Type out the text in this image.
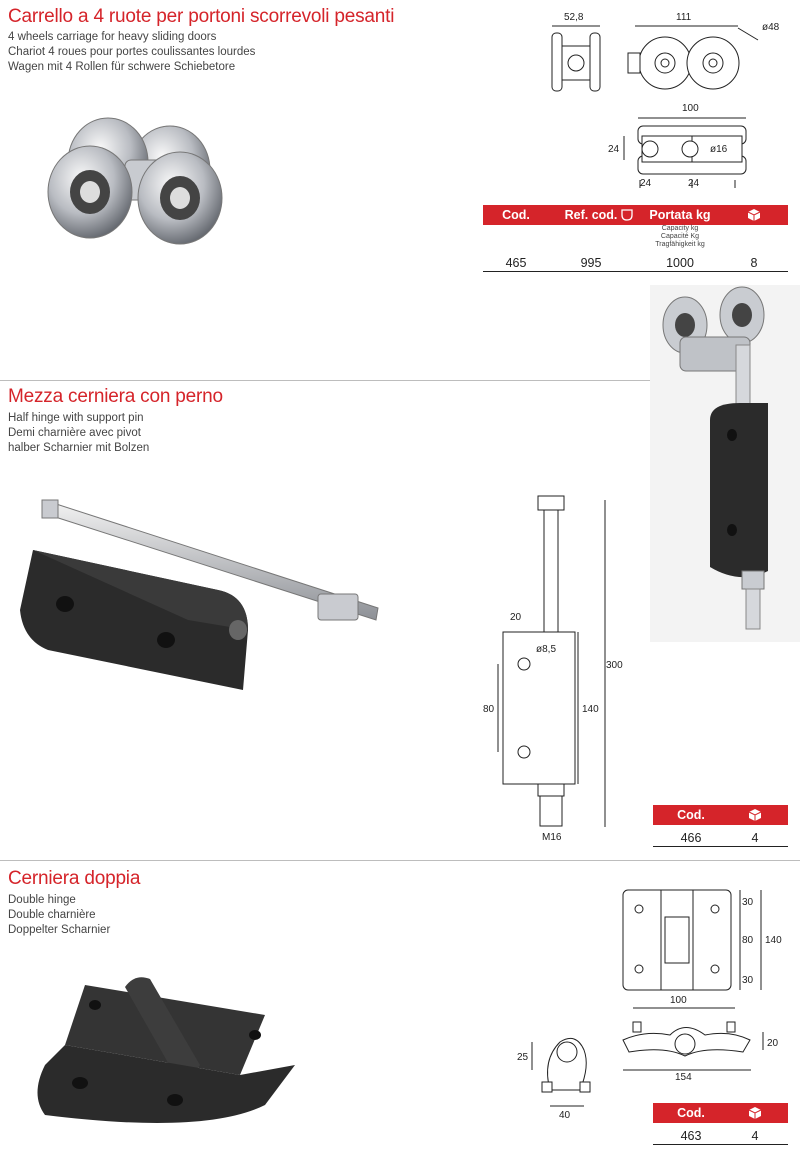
Carrello a 4 ruote per portoni scorrevoli pesanti
4 wheels carriage for heavy sliding doors
Chariot 4 roues pour portes coulissantes lourdes
Wagen mit 4 Rollen für schwere Schiebetore
52,8	111
ø48
100
24	ø16
24	24
Cod.	Ref. cod.	Portata kg
Capacity kg
Capacité Kg
Tragfähigkeit kg
465	995	1000	8
Mezza cerniera con perno
Half hinge with support pin
Demi charnière avec pivot
halber Scharnier mit Bolzen
20
ø8,5
300
80	140
M16
Cod.
466	4
Cerniera doppia
Double hinge
Double charnière
Doppelter Scharnier
30
80 140
30
100
20
154
25
40	Cod.
463	4
